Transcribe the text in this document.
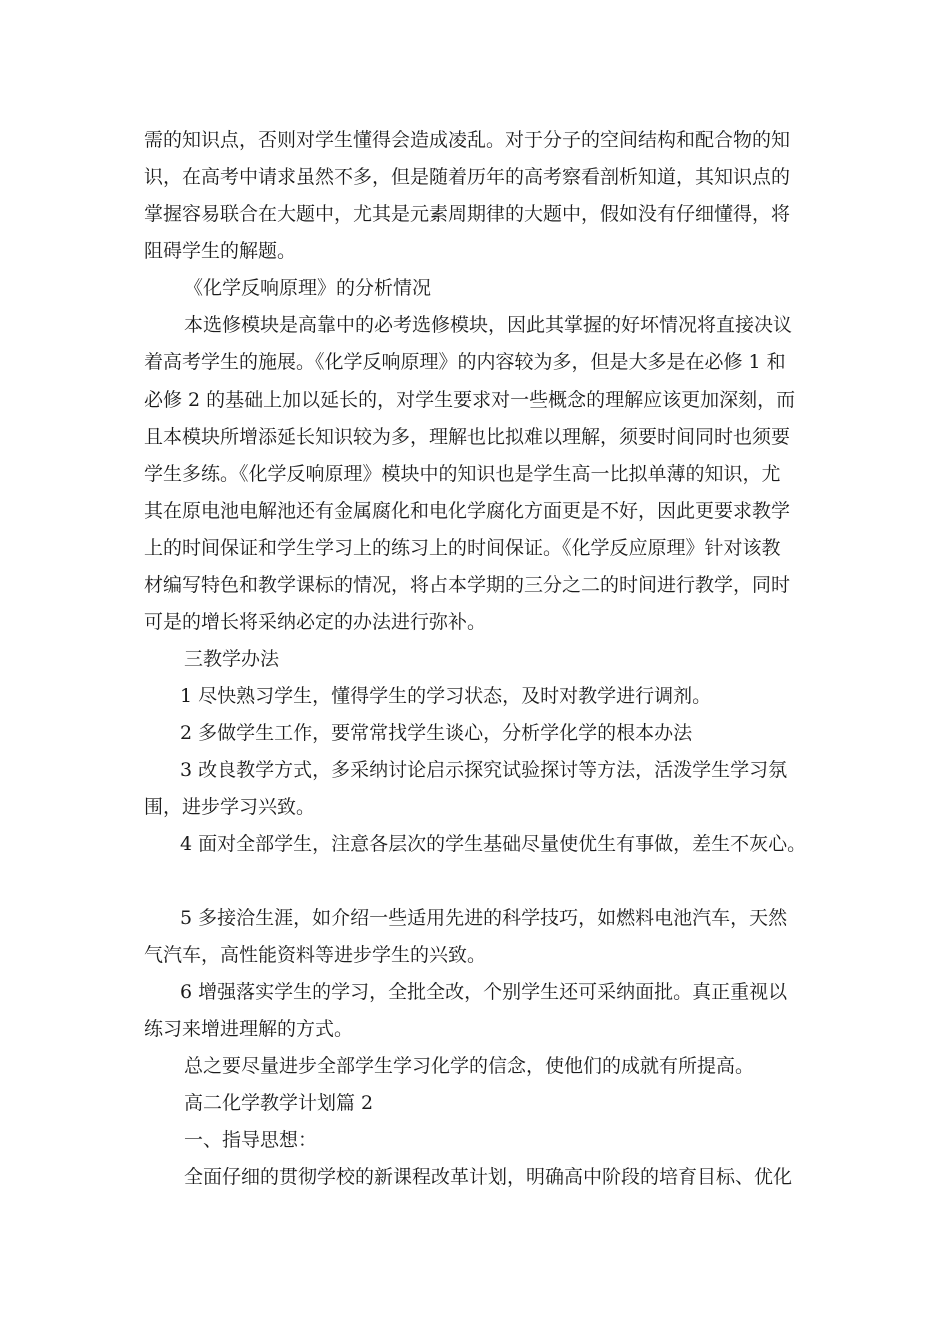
需的知识点，否则对学生懂得会造成凌乱。对于分子的空间结构和配合物的知
识，在高考中请求虽然不多，但是随着历年的高考察看剖析知道，其知识点的
掌握容易联合在大题中，尤其是元素周期律的大题中，假如没有仔细懂得，将
阻碍学生的解题。
《化学反响原理》的分析情况
本选修模块是高靠中的必考选修模块，因此其掌握的好坏情况将直接决议
着高考学生的施展。《化学反响原理》的内容较为多，但是大多是在必修 1 和
必修 2 的基础上加以延长的，对学生要求对一些概念的理解应该更加深刻，而
且本模块所增添延长知识较为多，理解也比拟难以理解，须要时间同时也须要
学生多练。《化学反响原理》模块中的知识也是学生高一比拟单薄的知识，尤
其在原电池电解池还有金属腐化和电化学腐化方面更是不好，因此更要求教学
上的时间保证和学生学习上的练习上的时间保证。《化学反应原理》针对该教
材编写特色和教学课标的情况，将占本学期的三分之二的时间进行教学，同时
可是的增长将采纳必定的办法进行弥补。
三教学办法
1 尽快熟习学生，懂得学生的学习状态，及时对教学进行调剂。
2 多做学生工作，要常常找学生谈心，分析学化学的根本办法
3 改良教学方式，多采纳讨论启示探究试验探讨等方法，活泼学生学习氛
围，进步学习兴致。
4 面对全部学生，注意各层次的学生基础尽量使优生有事做，差生不灰心。
5 多接洽生涯，如介绍一些适用先进的科学技巧，如燃料电池汽车，天然
气汽车，高性能资料等进步学生的兴致。
6 增强落实学生的学习，全批全改，个别学生还可采纳面批。真正重视以
练习来增进理解的方式。
总之要尽量进步全部学生学习化学的信念，使他们的成就有所提高。
高二化学教学计划篇 2
一、指导思想：
全面仔细的贯彻学校的新课程改革计划，明确高中阶段的培育目标、优化
